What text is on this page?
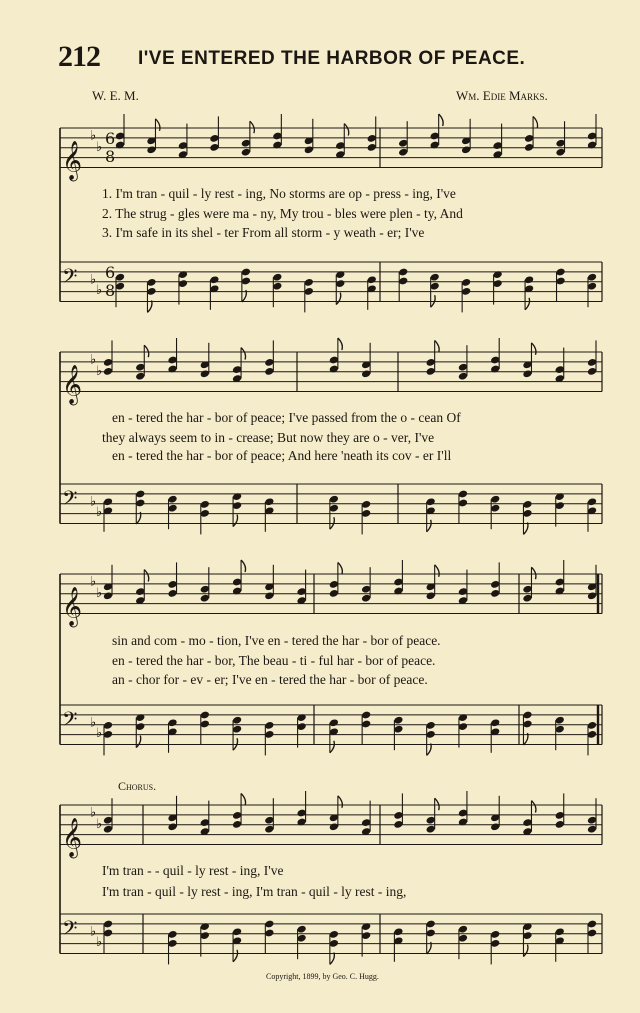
212 I'VE ENTERED THE HARBOR OF PEACE.
W. E. M.	Wm. Edie Marks.
Chorus.
𝄞
𝄢
♭
♭
♭
♭
6
8
6
8
𝄞
𝄢
♭
♭
♭
♭
𝄞
𝄢
♭
♭
♭
♭
𝄞
𝄢
♭
♭
♭
♭
1. I'm tran - quil - ly rest - ing, No storms are op - press - ing, I've
2. The strug - gles were ma - ny, My trou - bles were plen - ty, And
3. I'm safe in its shel - ter From all storm - y weath - er; I've
en - tered the har - bor of peace; I've passed from the o - cean Of
they always seem to in - crease; But now they are o - ver, I've
en - tered the har - bor of peace; And here 'neath its cov - er I'll
sin and com - mo - tion, I've en - tered the har - bor of peace.
en - tered the har - bor, The beau - ti - ful har - bor of peace.
an - chor for - ev - er; I've en - tered the har - bor of peace.
I'm tran - - quil - ly rest - ing, I've
I'm tran - quil - ly rest - ing, I'm tran - quil - ly rest - ing,
Copyright, 1899, by Geo. C. Hugg.
